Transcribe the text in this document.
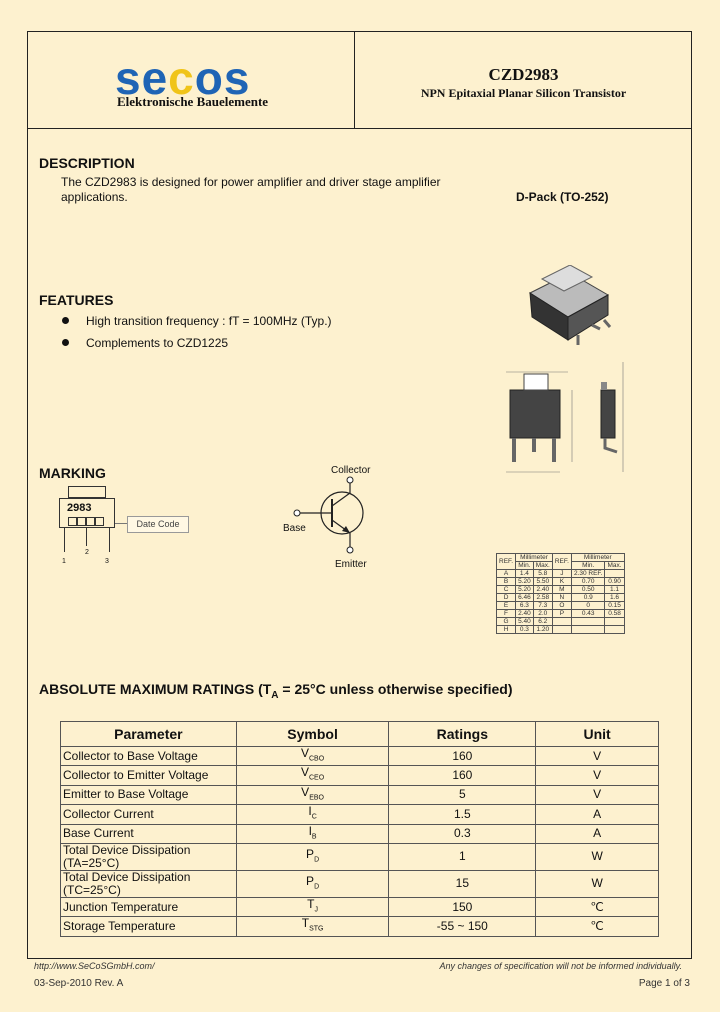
secos
Elektronische Bauelemente
CZD2983
NPN Epitaxial Planar Silicon Transistor
DESCRIPTION
The CZD2983 is designed for power amplifier and driver stage amplifier
applications.	D-Pack (TO-252)
FEATURES
High transition frequency : fT = 100MHz (Typ.)
Complements to CZD1225
MARKING
2983
1
2
3
Date Code
Collector
Base
Emitter	REF.	Millimeter		REF.	Millimeter	
	Min.	Max.		Min.	Max.
A	1.4	5.8	J	2.30 REF.	
B	5.20	5.50	K	0.70	0.90
C	5.20	2.40	M	0.50	1.1
D	6.46	2.58	N	0.9	1.6
E	6.3	7.3	O	0	0.15
F	2.40	2.0	P	0.43	0.58
G	5.40	6.2			
H	0.3	1.20			
ABSOLUTE MAXIMUM RATINGS ($T_A = 25^\circ C$ unless otherwise specified)
Parameter	Symbol	Ratings	Unit
Collector to Base Voltage	$V_{CBO}$	160	V
Collector to Emitter Voltage	$V_{CEO}$	160	V
Emitter to Base Voltage	$V_{EBO}$	5	V
Collector Current	$I_C$	1.5	A
Base Current	$I_B$	0.3	A
Total Device Dissipation
(TA=25°C)	$P_D$	1	W
Total Device Dissipation
(TC=25°C)	$P_D$	15	W
Junction Temperature	$T_J$	150	℃
Storage Temperature	$T_{STG}$	-55 ~ 150	℃
http://www.SeCoSGmbH.com/	Any changes of specification will not be informed individually.
03-Sep-2010 Rev. A	Page 1 of 3
